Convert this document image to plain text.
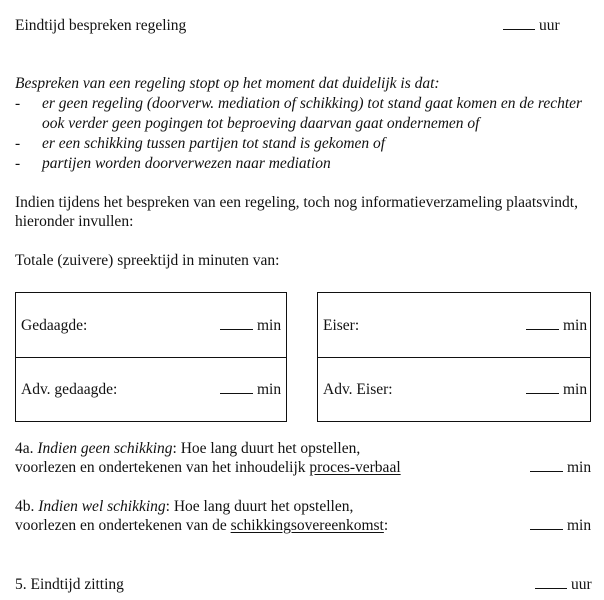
Eindtijd bespreken regeling	uur
Bespreken van een regeling stopt op het moment dat duidelijk is dat:
- er geen regeling (doorverw. mediation of schikking) tot stand gaat komen en de rechter
ook verder geen pogingen tot beproeving daarvan gaat ondernemen of
- er een schikking tussen partijen tot stand is gekomen of
- partijen worden doorverwezen naar mediation
Indien tijdens het bespreken van een regeling, toch nog informatieverzameling plaatsvindt,
hieronder invullen:
Totale (zuivere) spreektijd in minuten van:
Gedaagde:	min
Adv. gedaagde:	min
Eiser:	min
Adv. Eiser:	min
4a. Indien geen schikking: Hoe lang duurt het opstellen,
voorlezen en ondertekenen van het inhoudelijk proces-verbaal	min
4b. Indien wel schikking: Hoe lang duurt het opstellen,
voorlezen en ondertekenen van de schikkingsovereenkomst:	min
5. Eindtijd zitting	uur
